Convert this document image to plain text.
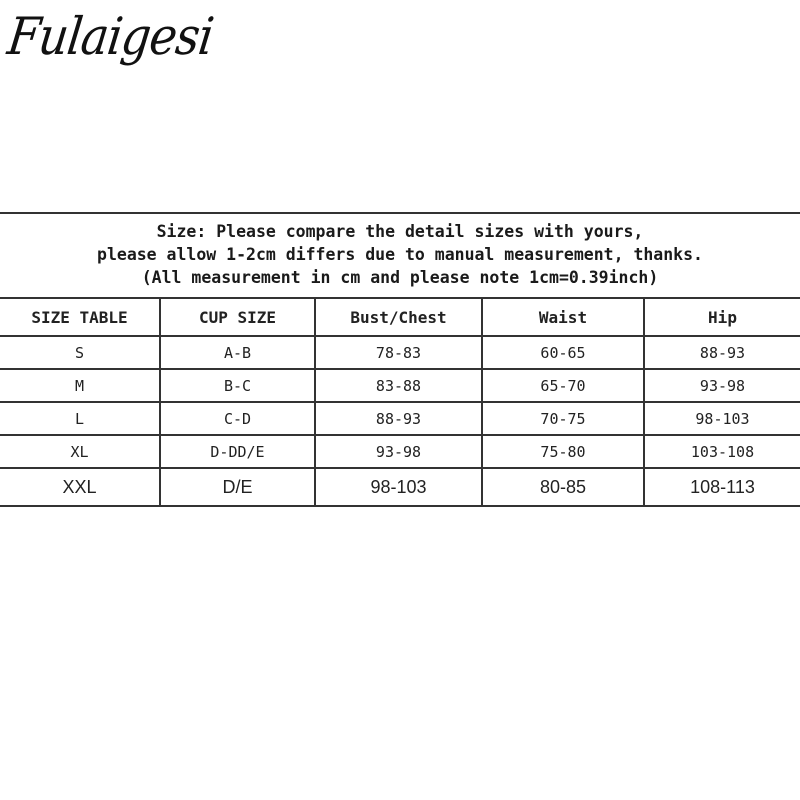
Fulaigesi
Size: Please compare the detail sizes with yours,
please allow 1-2cm differs due to manual measurement, thanks.
(All measurement in cm and please note 1cm=0.39inch)
SIZE TABLE	CUP SIZE	Bust/Chest	Waist	Hip
S	A-B	78-83	60-65	88-93
M	B-C	83-88	65-70	93-98
L	C-D	88-93	70-75	98-103
XL	D-DD/E	93-98	75-80	103-108
XXL	D/E	98-103	80-85	108-113
